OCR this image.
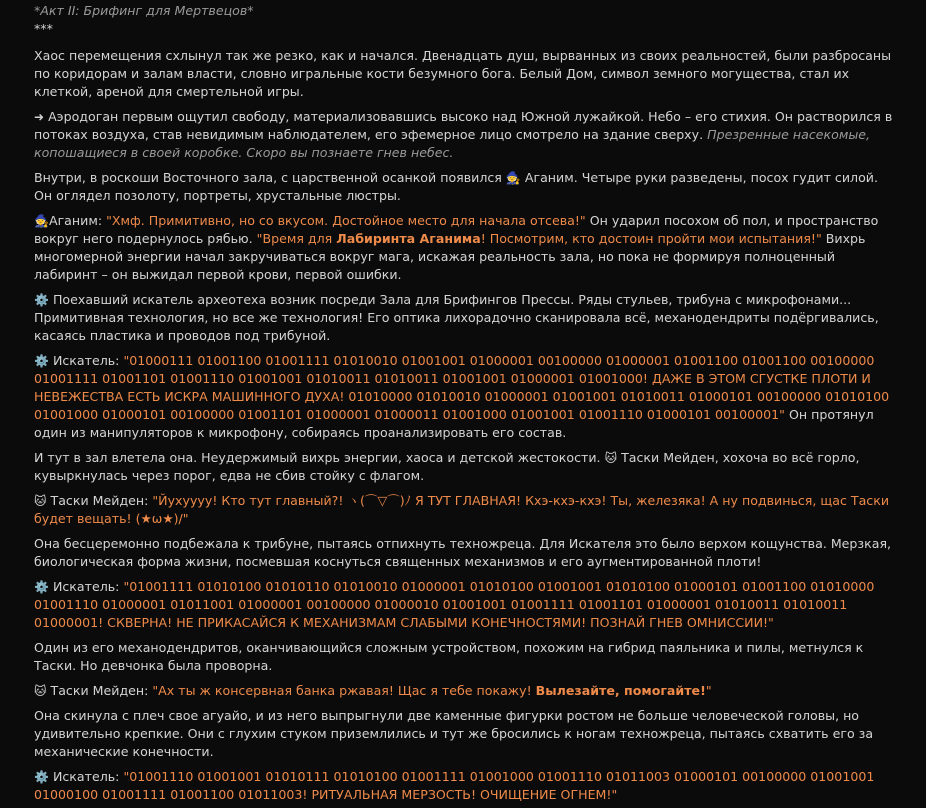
*Акт II: Брифинг для Мертвецов*

***

Хаос перемещения схлынул так же резко, как и начался. Двенадцать душ, вырванных из своих реальностей, были разбросаны по коридорам и залам власти, словно игральные кости безумного бога. Белый Дом, символ земного могущества, стал их клеткой, ареной для смертельной игры.

➜ Аэродоган первым ощутил свободу, материализовавшись высоко над Южной лужайкой. Небо – его стихия. Он растворился в потоках воздуха, став невидимым наблюдателем, его эфемерное лицо смотрело на здание сверху. Презренные насекомые, копошащиеся в своей коробке. Скоро вы познаете гнев небес.

Внутри, в роскоши Восточного зала, с царственной осанкой появился 🧙 Аганим. Четыре руки разведены, посох гудит силой. Он оглядел позолоту, портреты, хрустальные люстры.

🧙Аганим: "Хмф. Примитивно, но со вкусом. Достойное место для начала отсева!" Он ударил посохом об пол, и пространство вокруг него подернулось рябью. "Время для Лабиринта Аганима! Посмотрим, кто достоин пройти мои испытания!" Вихрь многомерной энергии начал закручиваться вокруг мага, искажая реальность зала, но пока не формируя полноценный лабиринт – он выжидал первой крови, первой ошибки.

⚙️ Поехавший искатель археотеха возник посреди Зала для Брифингов Прессы. Ряды стульев, трибуна с микрофонами... Примитивная технология, но все же технология! Его оптика лихорадочно сканировала всё, механодендриты подёргивались, касаясь пластика и проводов под трибуной.

⚙️ Искатель: "01000111 01001100 01001111 01010010 01001001 01000001 00100000 01000001 01001100 01001100 00100000 01001111 01001101 01001110 01001001 01010011 01010011 01001001 01000001 01001000! ДАЖЕ В ЭТОМ СГУСТКЕ ПЛОТИ И НЕВЕЖЕСТВА ЕСТЬ ИСКРА МАШИННОГО ДУХА! 01010000 01010010 01000001 01001001 01010011 01000101 00100000 01010100 01001000 01000101 00100000 01001101 01000001 01000011 01001000 01001001 01001110 01000101 00100001" Он протянул один из манипуляторов к микрофону, собираясь проанализировать его состав.

И тут в зал влетела она. Неудержимый вихрь энергии, хаоса и детской жестокости. 🐱 Таски Мейден, хохоча во всё горло, кувыркнулась через порог, едва не сбив стойку с флагом.

🐱 Таски Мейден: "Йухуууу! Кто тут главный?! ヽ(⌒▽⌒)ﾉ Я ТУТ ГЛАВНАЯ! Кхэ-кхэ-кхэ! Ты, железяка! А ну подвинься, щас Таски будет вещать! (★ω★)/"

Она бесцеремонно подбежала к трибуне, пытаясь отпихнуть техножреца. Для Искателя это было верхом кощунства. Мерзкая, биологическая форма жизни, посмевшая коснуться священных механизмов и его аугментированной плоти!

⚙️ Искатель: "01001111 01010100 01010110 01010010 01000001 01010100 01001001 01010100 01000101 01001100 01010000 01001110 01000001 01011001 01000001 00100000 01000010 01001001 01001111 01001101 01000001 01010011 01010011 01000001! СКВЕРНА! НЕ ПРИКАСАЙСЯ К МЕХАНИЗМАМ СЛАБЫМИ КОНЕЧНОСТЯМИ! ПОЗНАЙ ГНЕВ ОМНИССИИ!"

Один из его механодендритов, оканчивающийся сложным устройством, похожим на гибрид паяльника и пилы, метнулся к Таски. Но девчонка была проворна.

🐱 Таски Мейден: "Ах ты ж консервная банка ржавая! Щас я тебе покажу! Вылезайте, помогайте!"

Она скинула с плеч свое агуайо, и из него выпрыгнули две каменные фигурки ростом не больше человеческой головы, но удивительно крепкие. Они с глухим стуком приземлились и тут же бросились к ногам техножреца, пытаясь схватить его за механические конечности.

⚙️ Искатель: "01001110 01001001 01010111 01010100 01001111 01001000 01001110 01011003 01000101 00100000 01001001 01000100 01001111 01001100 01011003! РИТУАЛЬНАЯ МЕРЗОСТЬ! ОЧИЩЕНИЕ ОГНЕМ!"
